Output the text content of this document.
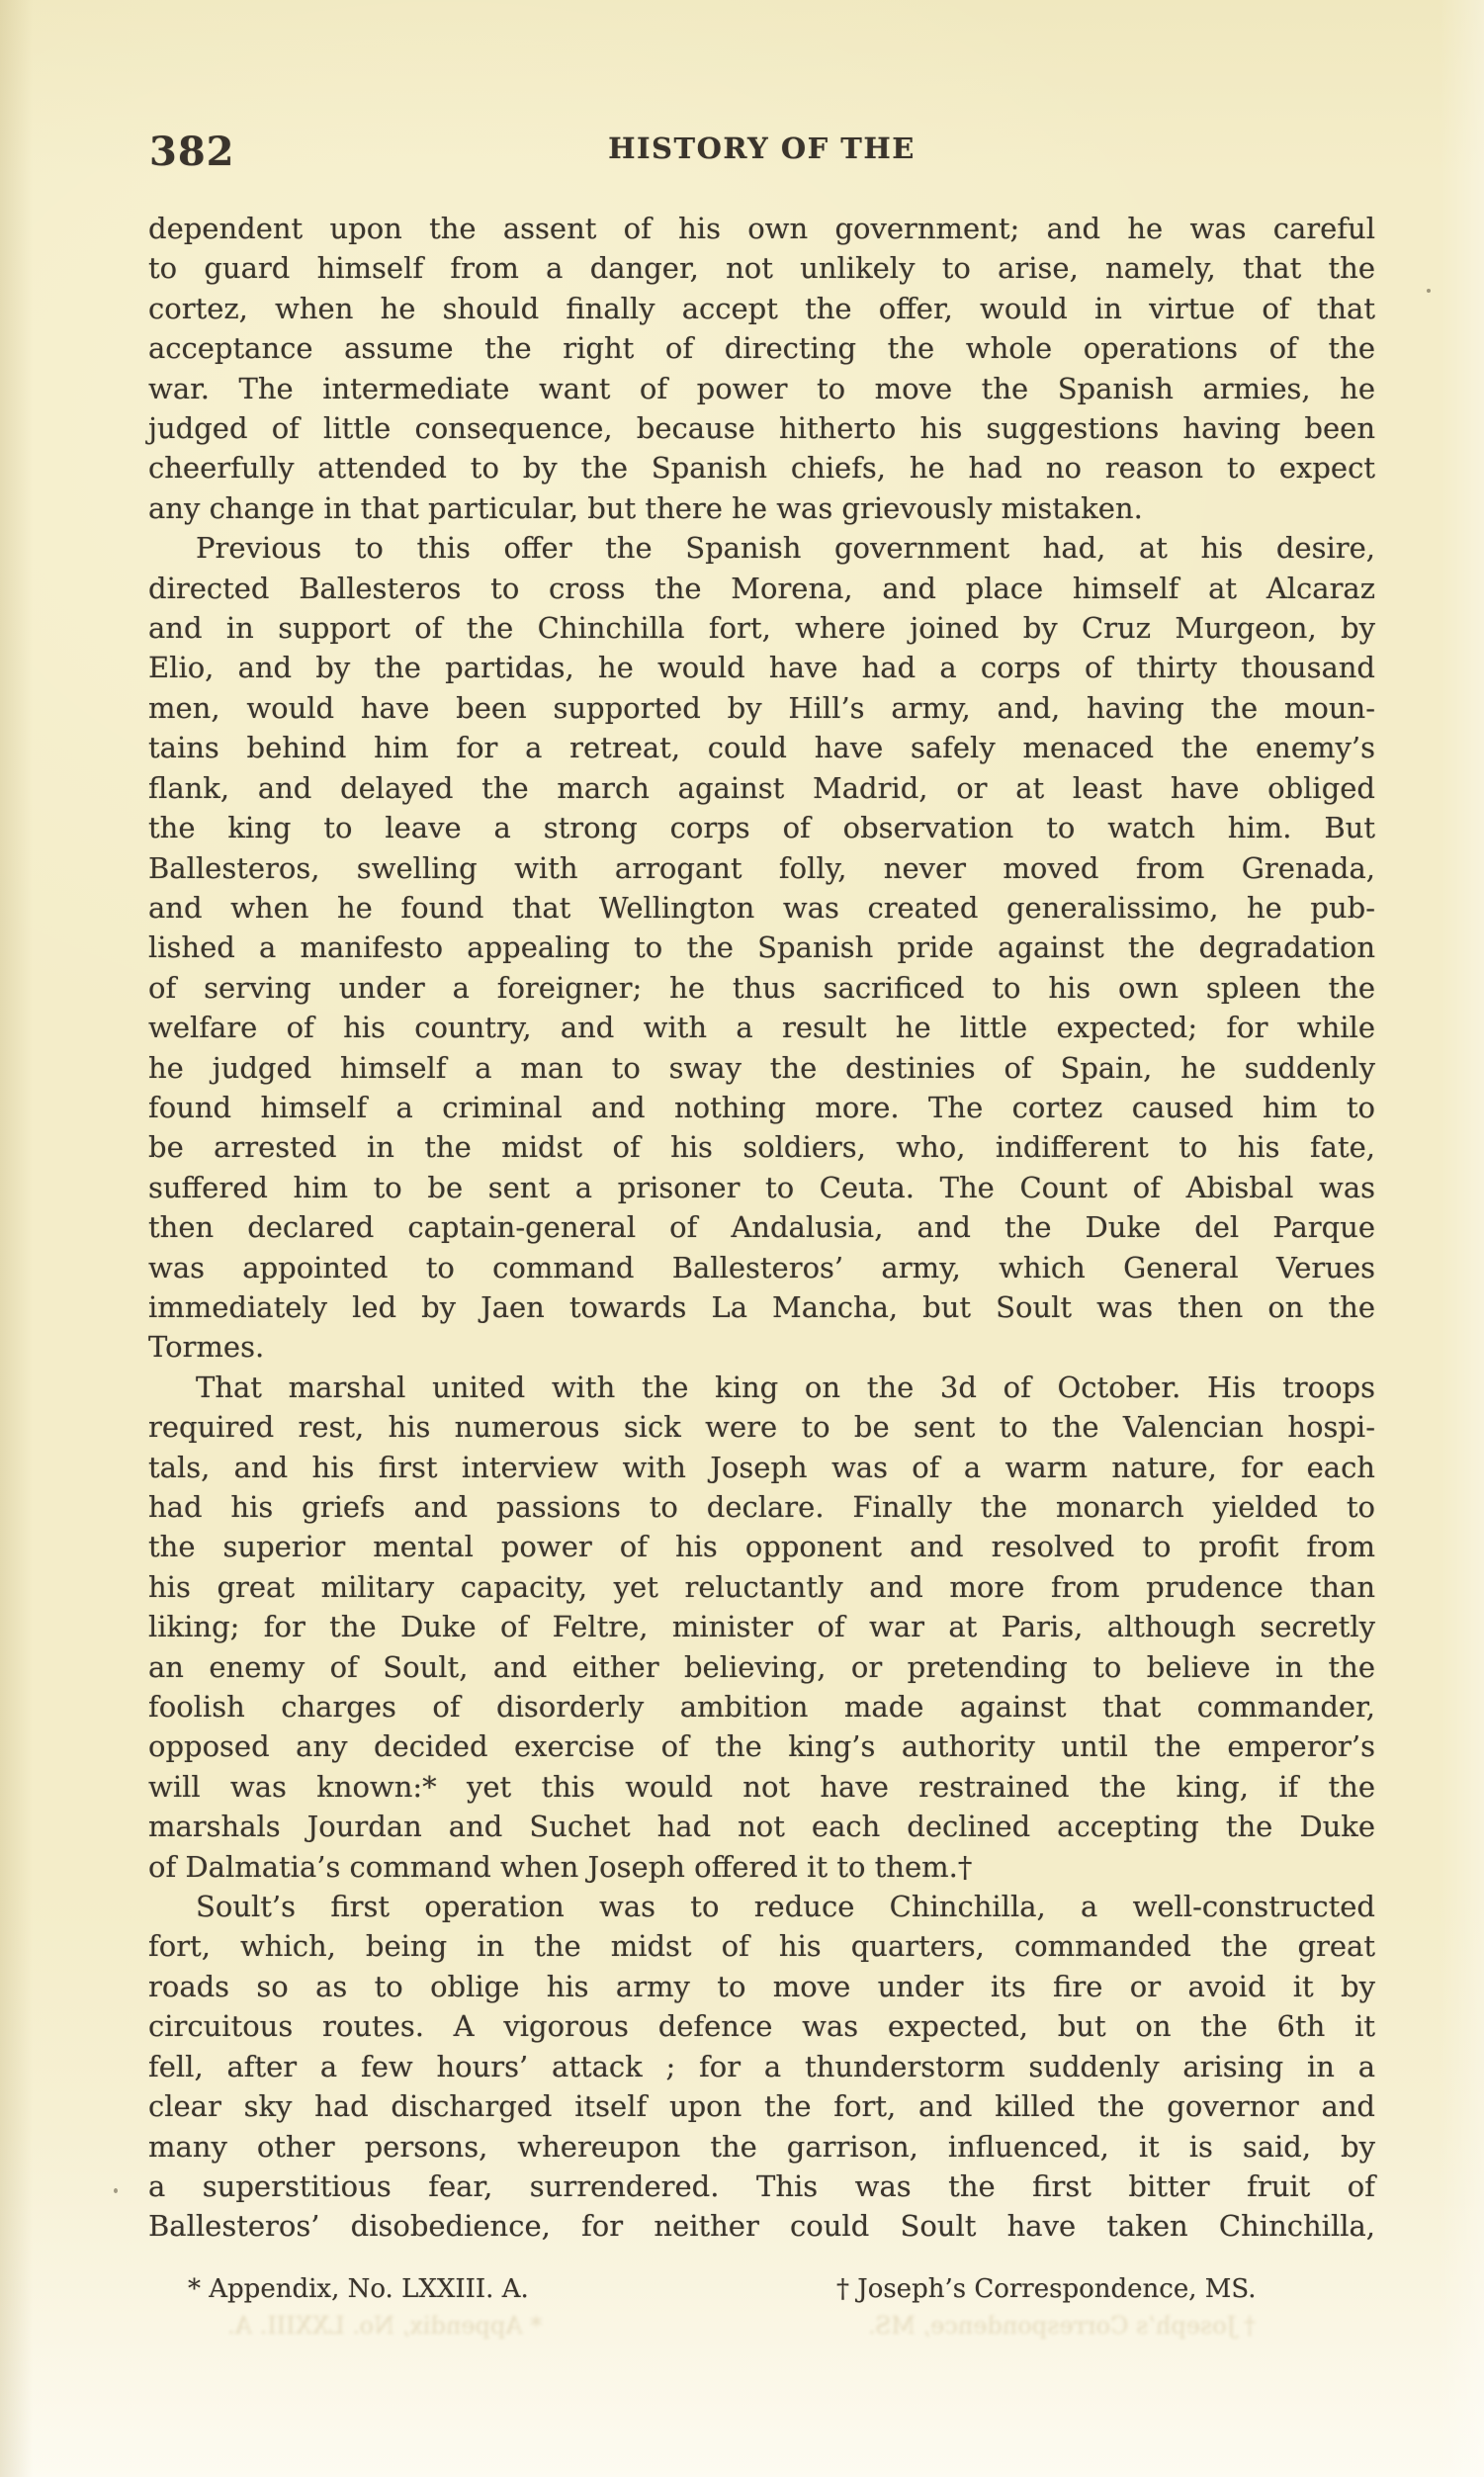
382	HISTORY OF THE
dependent upon the assent of his own government; and he was careful
to guard himself from a danger, not unlikely to arise, namely, that the
cortez, when he should finally accept the offer, would in virtue of that
acceptance assume the right of directing the whole operations of the
war. The intermediate want of power to move the Spanish armies, he
judged of little consequence, because hitherto his suggestions having been
cheerfully attended to by the Spanish chiefs, he had no reason to expect
any change in that particular, but there he was grievously mistaken.
Previous to this offer the Spanish government had, at his desire,
directed Ballesteros to cross the Morena, and place himself at Alcaraz
and in support of the Chinchilla fort, where joined by Cruz Murgeon, by
Elio, and by the partidas, he would have had a corps of thirty thousand
men, would have been supported by Hill’s army, and, having the moun-
tains behind him for a retreat, could have safely menaced the enemy’s
flank, and delayed the march against Madrid, or at least have obliged
the king to leave a strong corps of observation to watch him. But
Ballesteros, swelling with arrogant folly, never moved from Grenada,
and when he found that Wellington was created generalissimo, he pub-
lished a manifesto appealing to the Spanish pride against the degradation
of serving under a foreigner; he thus sacrificed to his own spleen the
welfare of his country, and with a result he little expected; for while
he judged himself a man to sway the destinies of Spain, he suddenly
found himself a criminal and nothing more. The cortez caused him to
be arrested in the midst of his soldiers, who, indifferent to his fate,
suffered him to be sent a prisoner to Ceuta. The Count of Abisbal was
then declared captain-general of Andalusia, and the Duke del Parque
was appointed to command Ballesteros’ army, which General Verues
immediately led by Jaen towards La Mancha, but Soult was then on the
Tormes.
That marshal united with the king on the 3d of October. His troops
required rest, his numerous sick were to be sent to the Valencian hospi-
tals, and his first interview with Joseph was of a warm nature, for each
had his griefs and passions to declare. Finally the monarch yielded to
the superior mental power of his opponent and resolved to profit from
his great military capacity, yet reluctantly and more from prudence than
liking; for the Duke of Feltre, minister of war at Paris, although secretly
an enemy of Soult, and either believing, or pretending to believe in the
foolish charges of disorderly ambition made against that commander,
opposed any decided exercise of the king’s authority until the emperor’s
will was known:* yet this would not have restrained the king, if the
marshals Jourdan and Suchet had not each declined accepting the Duke
of Dalmatia’s command when Joseph offered it to them.†
Soult’s first operation was to reduce Chinchilla, a well-constructed
fort, which, being in the midst of his quarters, commanded the great
roads so as to oblige his army to move under its fire or avoid it by
circuitous routes. A vigorous defence was expected, but on the 6th it
fell, after a few hours’ attack ; for a thunderstorm suddenly arising in a
clear sky had discharged itself upon the fort, and killed the governor and
many other persons, whereupon the garrison, influenced, it is said, by
a superstitious fear, surrendered. This was the first bitter fruit of
Ballesteros’ disobedience, for neither could Soult have taken Chinchilla,
* Appendix, No. LXXIII. A.	† Joseph’s Correspondence, MS.
† Joseph’s Correspondence, MS.
* Appendix, No. LXXIII. A.
